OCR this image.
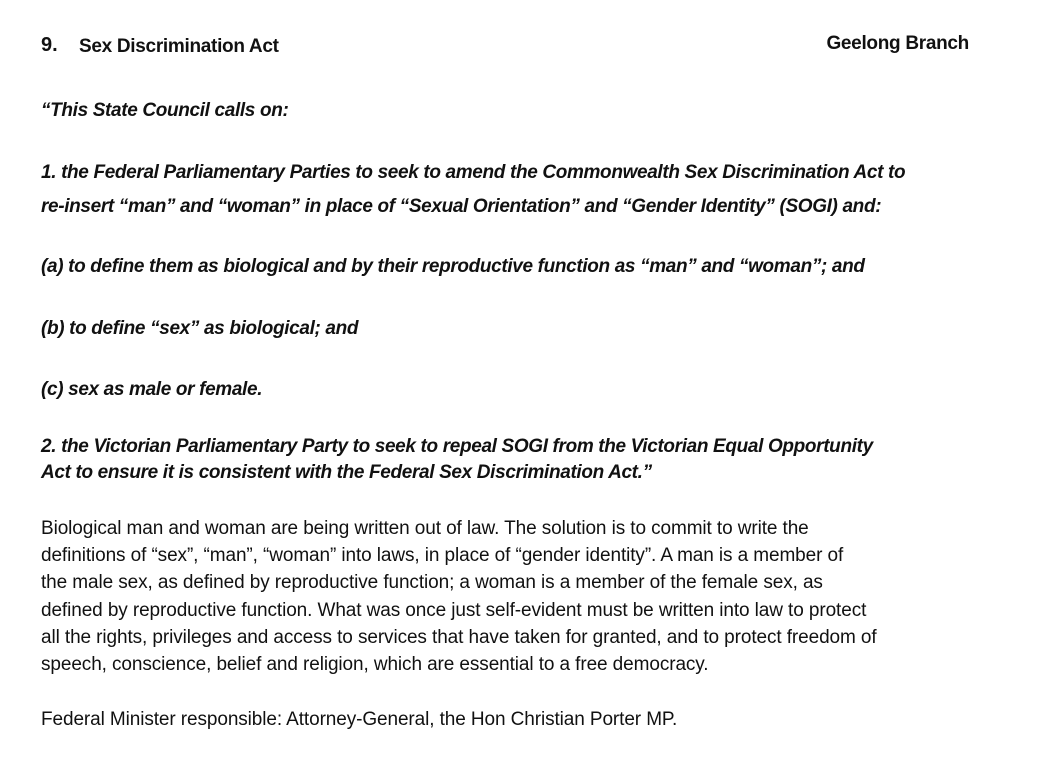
9. Sex Discrimination Act	Geelong Branch
“This State Council calls on:
1. the Federal Parliamentary Parties to seek to amend the Commonwealth Sex Discrimination Act to
re-insert “man” and “woman” in place of “Sexual Orientation” and “Gender Identity” (SOGI) and:
(a) to define them as biological and by their reproductive function as “man” and “woman”; and
(b) to define “sex” as biological; and
(c) sex as male or female.
2. the Victorian Parliamentary Party to seek to repeal SOGI from the Victorian Equal Opportunity
Act to ensure it is consistent with the Federal Sex Discrimination Act.”
Biological man and woman are being written out of law. The solution is to commit to write the
definitions of “sex”, “man”, “woman” into laws, in place of “gender identity”. A man is a member of
the male sex, as defined by reproductive function; a woman is a member of the female sex, as
defined by reproductive function. What was once just self-evident must be written into law to protect
all the rights, privileges and access to services that have taken for granted, and to protect freedom of
speech, conscience, belief and religion, which are essential to a free democracy.
Federal Minister responsible: Attorney-General, the Hon Christian Porter MP.
